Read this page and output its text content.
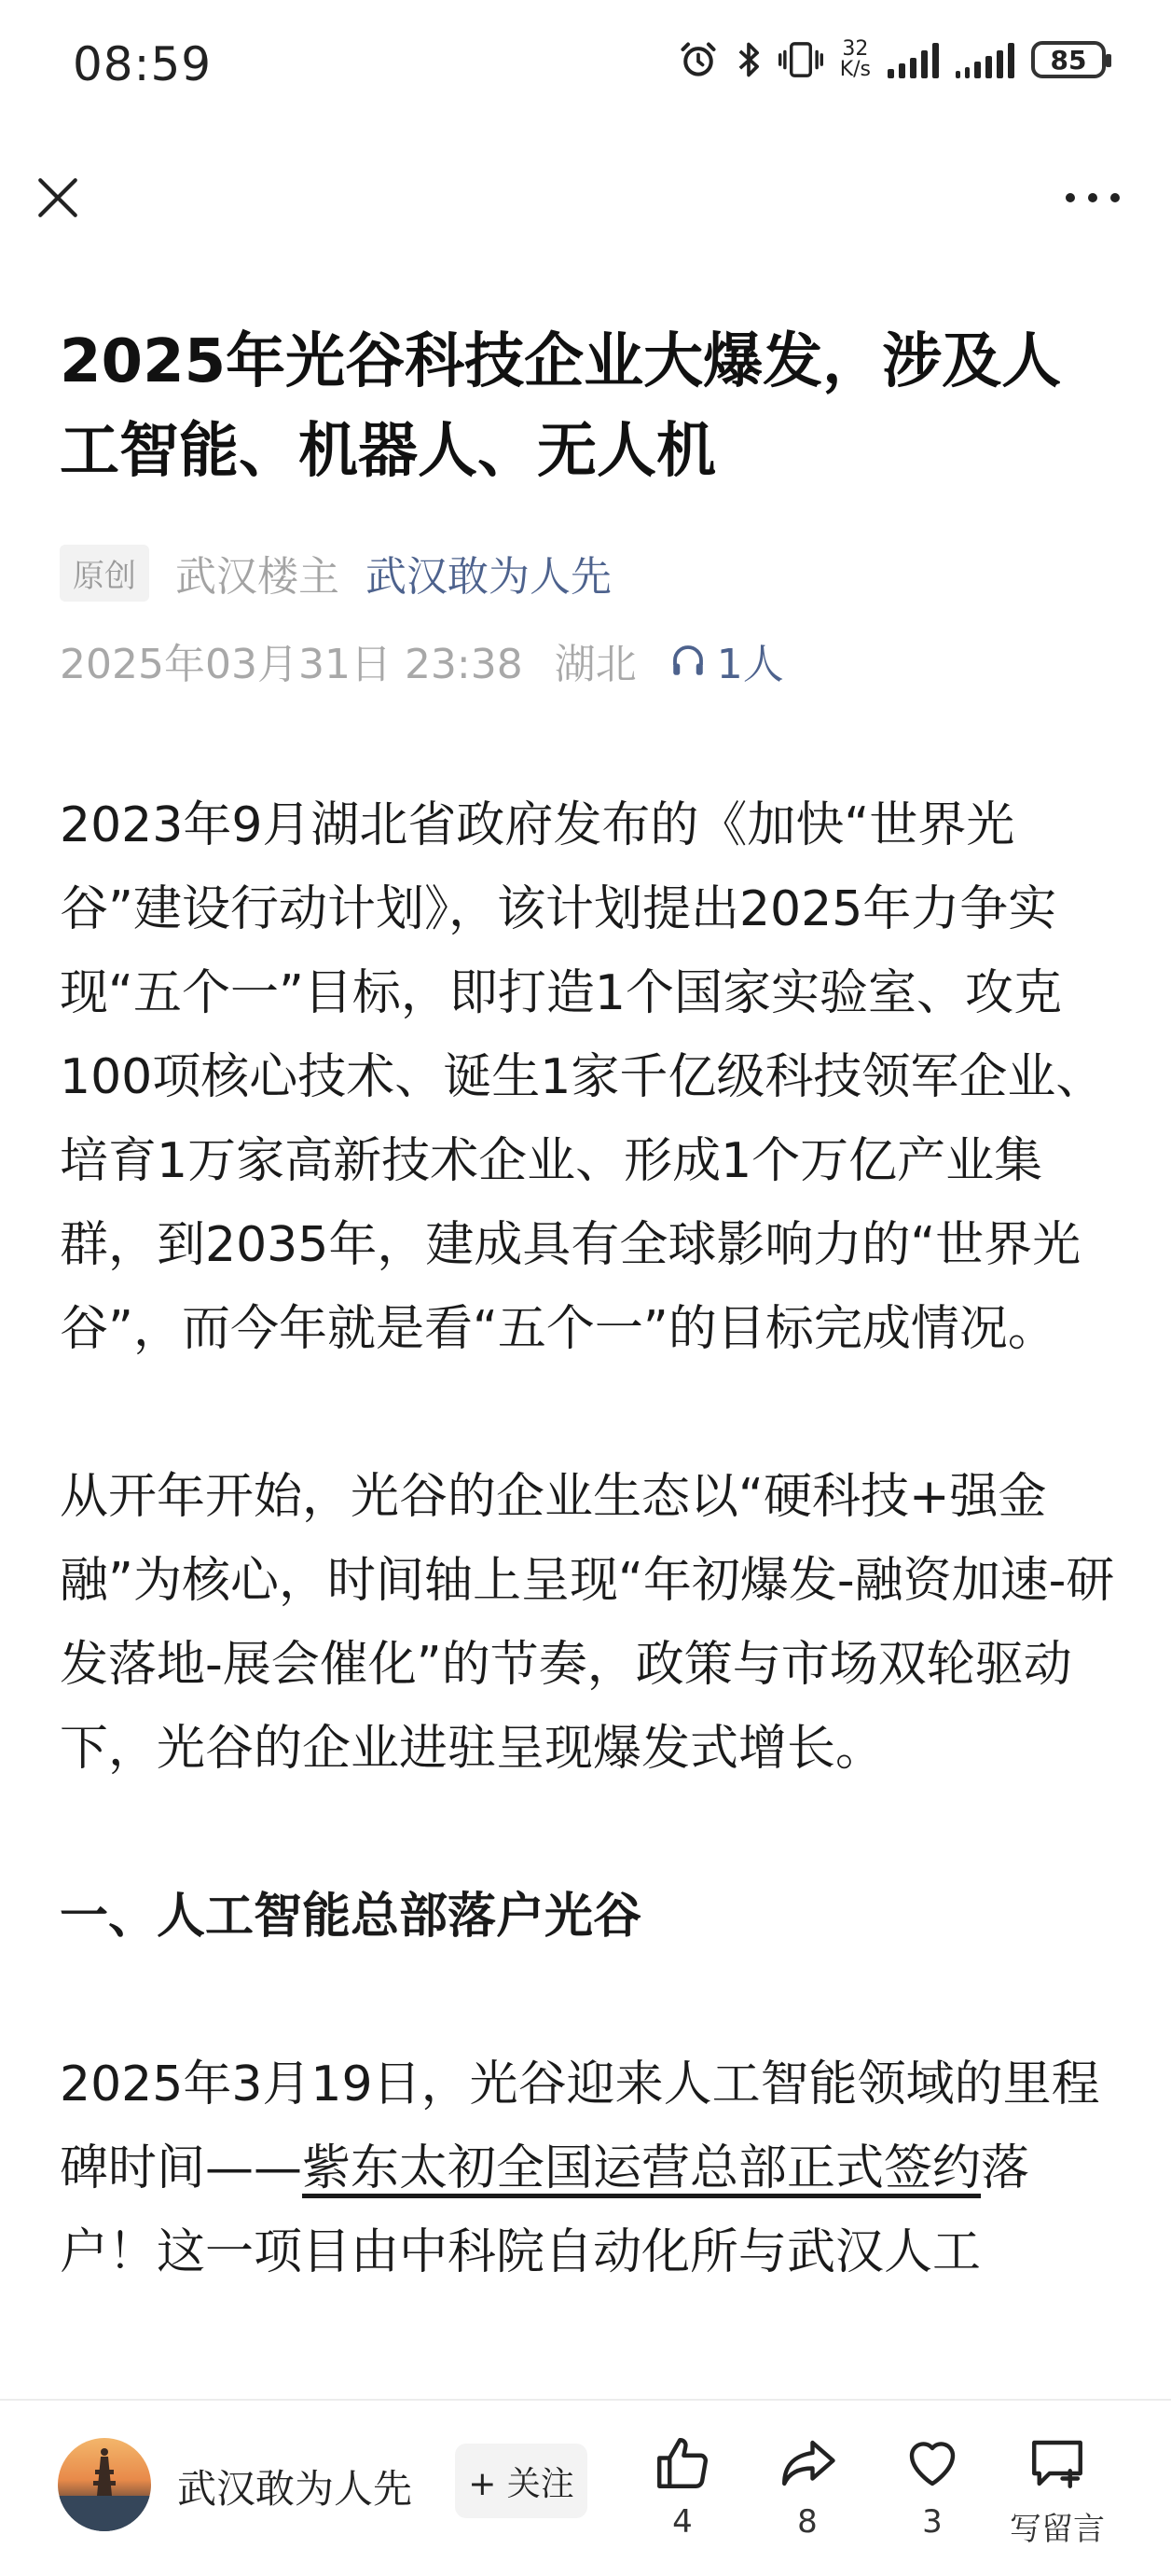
08:59	32
K/s	85
2025年光谷科技企业大爆发，涉及人工智能、机器人、无人机
原创 武汉楼主 武汉敢为人先
2025年03月31日 23:38 湖北 1人

2023年9月湖北省政府发布的《加快“世界光谷”建设行动计划》，该计划提出2025年力争实现“五个一”目标，即打造1个国家实验室、攻克100项核心技术、诞生1家千亿级科技领军企业、培育1万家高新技术企业、形成1个万亿产业集群，到2035年，建成具有全球影响力的“世界光谷”，而今年就是看“五个一”的目标完成情况。

从开年开始，光谷的企业生态以“硬科技+强金融”为核心，时间轴上呈现“年初爆发-融资加速-研发落地-展会催化”的节奏，政策与市场双轮驱动下，光谷的企业进驻呈现爆发式增长。

一、人工智能总部落户光谷

2025年3月19日，光谷迎来人工智能领域的里程碑时间——紫东太初全国运营总部正式签约落户！这一项目由中科院自动化所与武汉人工

武汉敢为人先	+ 关注
4	8	3 写留言
